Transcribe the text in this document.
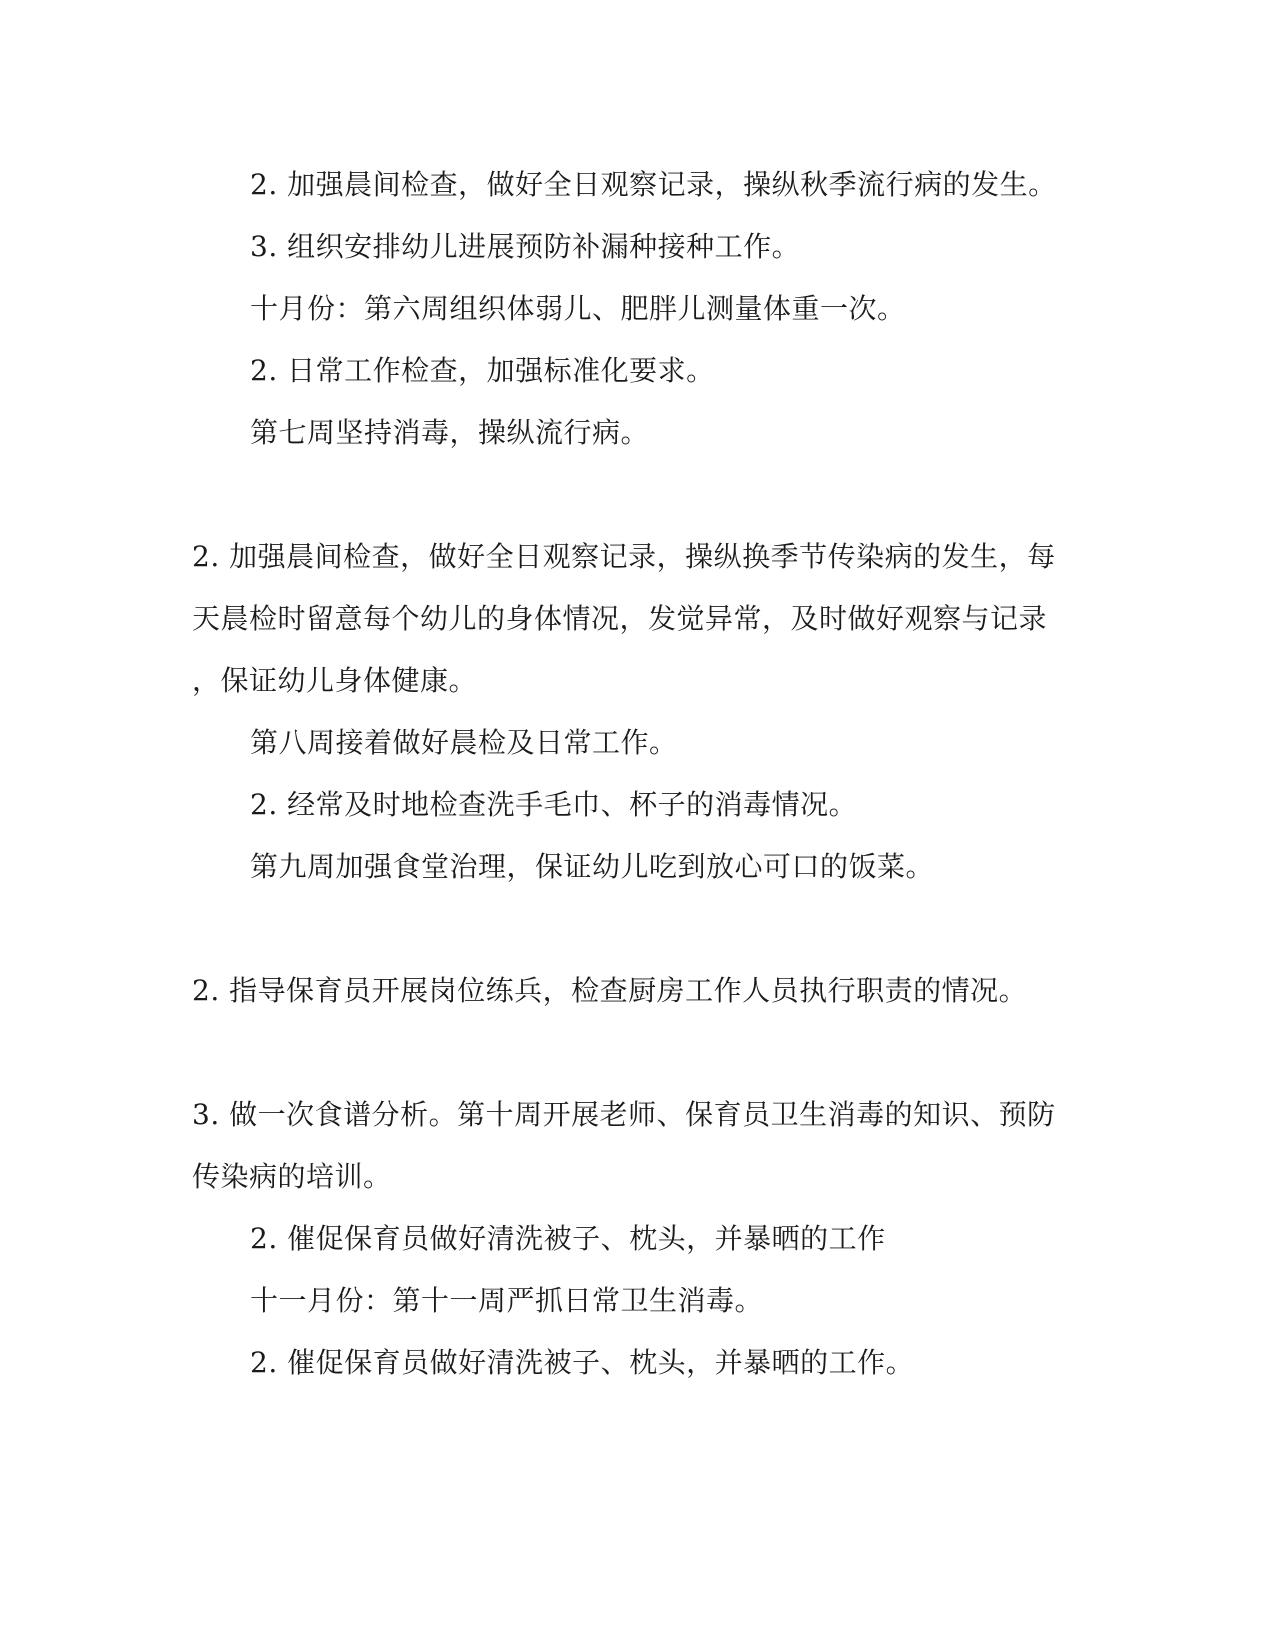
2. 加强晨间检查，做好全日观察记录，操纵秋季流行病的发生。
3. 组织安排幼儿进展预防补漏种接种工作。
十月份：第六周组织体弱儿、肥胖儿测量体重一次。
2. 日常工作检查，加强标准化要求。
第七周坚持消毒，操纵流行病。
2. 加强晨间检查，做好全日观察记录，操纵换季节传染病的发生，每
天晨检时留意每个幼儿的身体情况，发觉异常，及时做好观察与记录
，保证幼儿身体健康。
第八周接着做好晨检及日常工作。
2. 经常及时地检查洗手毛巾、杯子的消毒情况。
第九周加强食堂治理，保证幼儿吃到放心可口的饭菜。
2. 指导保育员开展岗位练兵，检查厨房工作人员执行职责的情况。
3. 做一次食谱分析。第十周开展老师、保育员卫生消毒的知识、预防
传染病的培训。
2. 催促保育员做好清洗被子、枕头，并暴晒的工作
十一月份：第十一周严抓日常卫生消毒。
2. 催促保育员做好清洗被子、枕头，并暴晒的工作。
